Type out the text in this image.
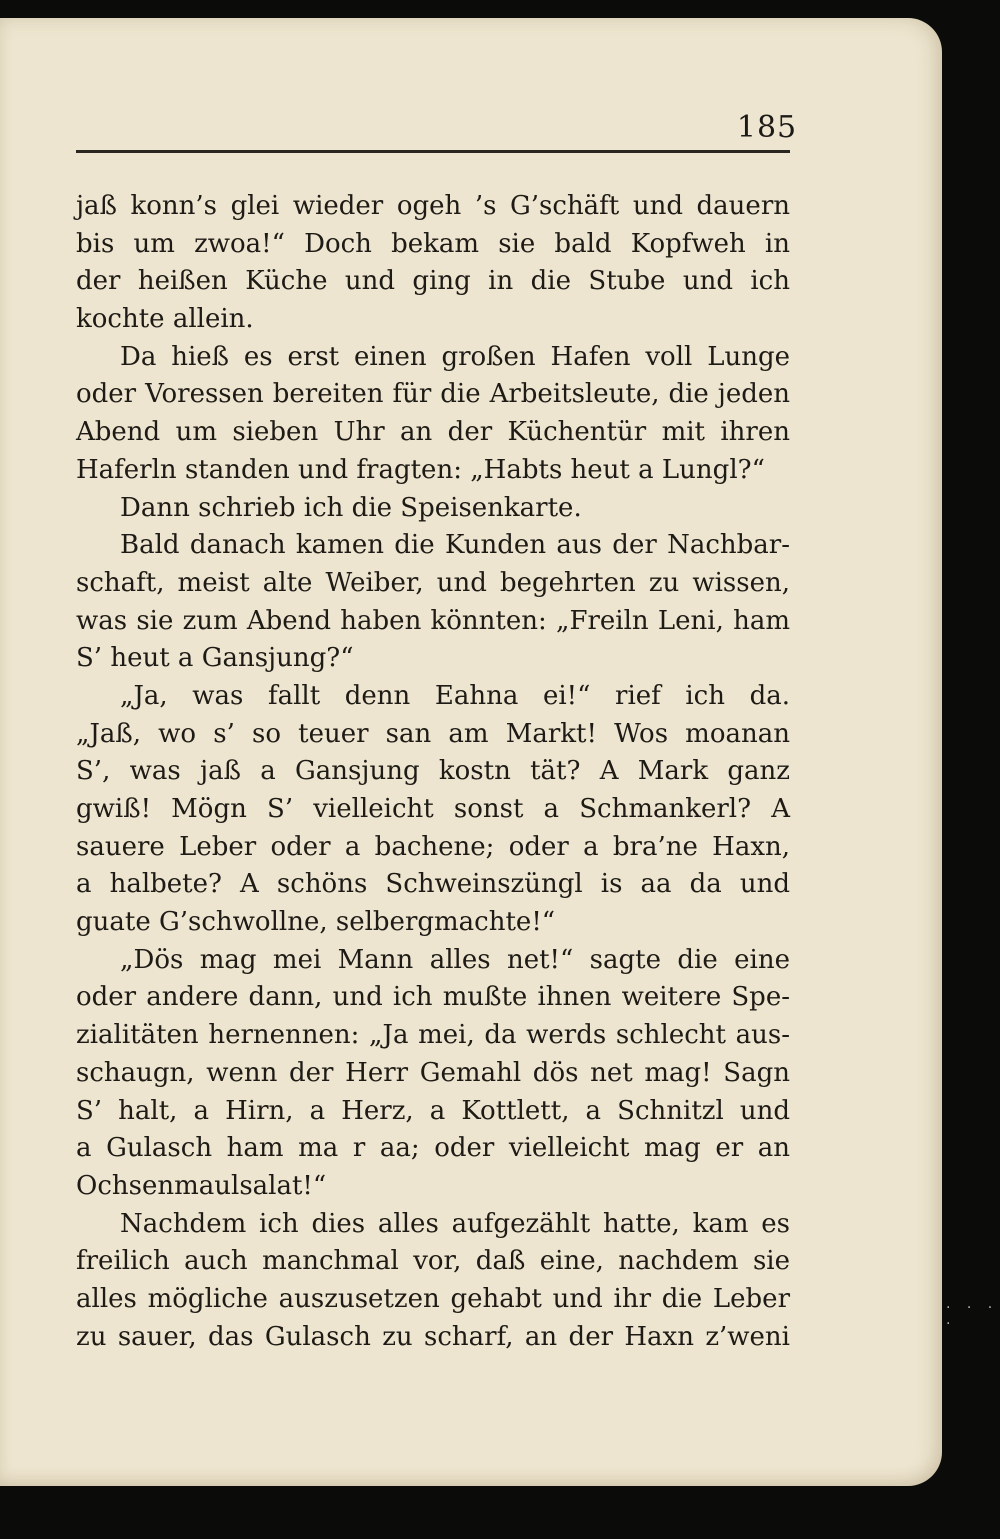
185
jaß konn’s glei wieder ogeh ’s G’schäft und dauern
bis um zwoa!“ Doch bekam sie bald Kopfweh in
der heißen Küche und ging in die Stube und ich
kochte allein.
Da hieß es erst einen großen Hafen voll Lunge
oder Voressen bereiten für die Arbeitsleute, die jeden
Abend um sieben Uhr an der Küchentür mit ihren
Haferln standen und fragten: „Habts heut a Lungl?“
Dann schrieb ich die Speisenkarte.
Bald danach kamen die Kunden aus der Nachbar-
schaft, meist alte Weiber, und begehrten zu wissen,
was sie zum Abend haben könnten: „Freiln Leni, ham
S’ heut a Gansjung?“
„Ja, was fallt denn Eahna ei!“ rief ich da.
„Jaß, wo s’ so teuer san am Markt! Wos moanan
S’, was jaß a Gansjung kostn tät? A Mark ganz
gwiß! Mögn S’ vielleicht sonst a Schmankerl? A
sauere Leber oder a bachene; oder a bra’ne Haxn,
a halbete? A schöns Schweinszüngl is aa da und
guate G’schwollne, selbergmachte!“
„Dös mag mei Mann alles net!“ sagte die eine
oder andere dann, und ich mußte ihnen weitere Spe-
zialitäten hernennen: „Ja mei, da werds schlecht aus-
schaugn, wenn der Herr Gemahl dös net mag! Sagn
S’ halt, a Hirn, a Herz, a Kottlett, a Schnitzl und
a Gulasch ham ma r aa; oder vielleicht mag er an
Ochsenmaulsalat!“
Nachdem ich dies alles aufgezählt hatte, kam es
freilich auch manchmal vor, daß eine, nachdem sie
alles mögliche auszusetzen gehabt und ihr die Leber
zu sauer, das Gulasch zu scharf, an der Haxn z’weni
· · · ·
